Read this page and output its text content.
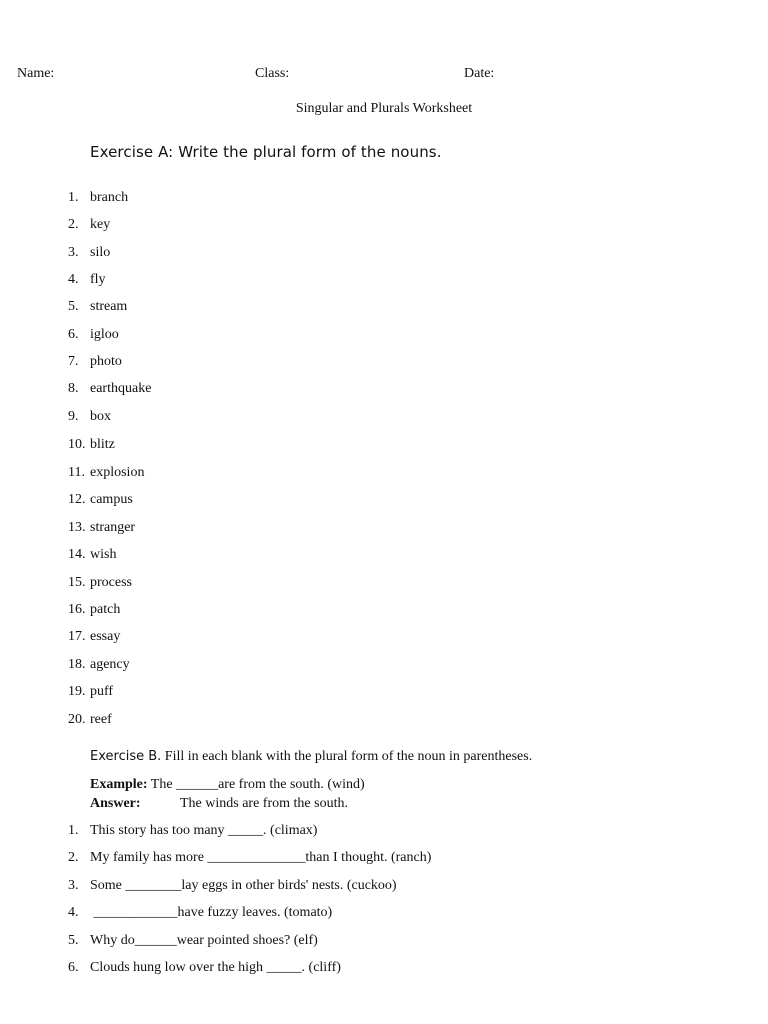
Name:	Class:	Date:
Singular and Plurals Worksheet
Exercise A: Write the plural form of the nouns.
1. branch
2. key
3. silo
4. fly
5. stream
6. igloo
7. photo
8. earthquake
9. box
10. blitz
11. explosion
12. campus
13. stranger
14. wish
15. process
16. patch
17. essay
18. agency
19. puff
20. reef
Exercise B. Fill in each blank with the plural form of the noun in parentheses.
Example: The ______are from the south. (wind)
Answer:	The winds are from the south.
1. This story has too many _____. (climax)
2. My family has more ______________than I thought. (ranch)
3. Some ________lay eggs in other birds' nests. (cuckoo)
4. ____________have fuzzy leaves. (tomato)
5. Why do______wear pointed shoes? (elf)
6. Clouds hung low over the high _____. (cliff)
